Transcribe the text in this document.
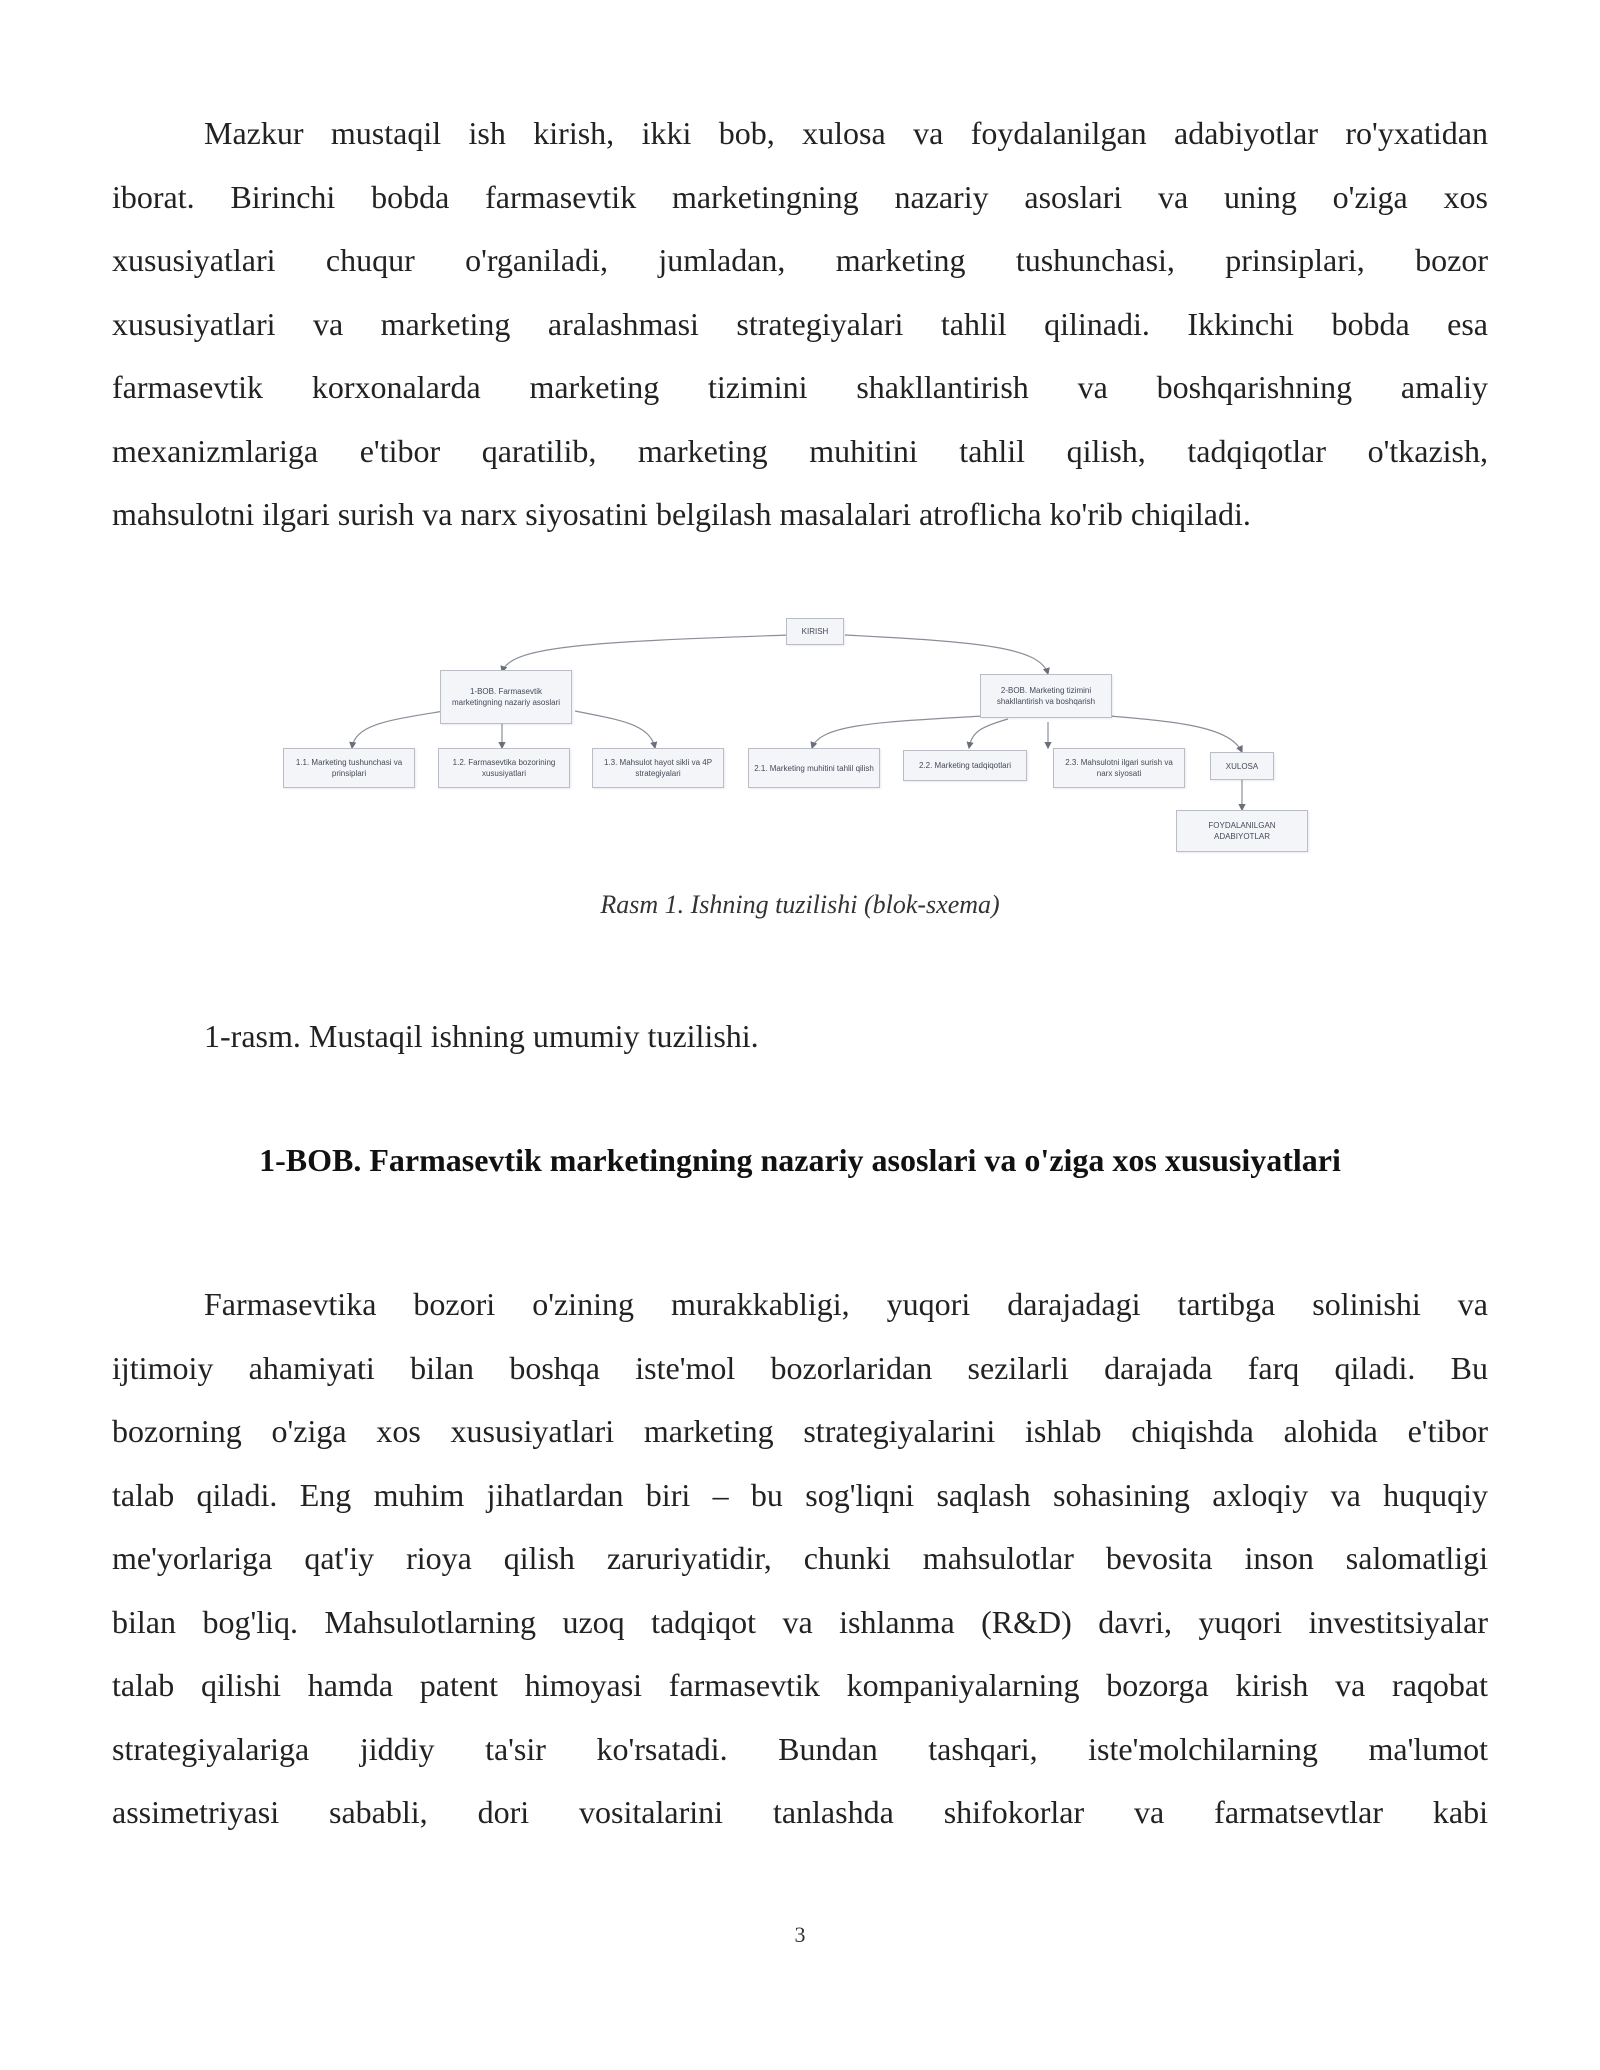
Mazkur mustaqil ish kirish, ikki bob, xulosa va foydalanilgan adabiyotlar ro'yxatidan
iborat. Birinchi bobda farmasevtik marketingning nazariy asoslari va uning o'ziga xos
xususiyatlari chuqur o'rganiladi, jumladan, marketing tushunchasi, prinsiplari, bozor
xususiyatlari va marketing aralashmasi strategiyalari tahlil qilinadi. Ikkinchi bobda esa
farmasevtik korxonalarda marketing tizimini shakllantirish va boshqarishning amaliy
mexanizmlariga e'tibor qaratilib, marketing muhitini tahlil qilish, tadqiqotlar o'tkazish,
mahsulotni ilgari surish va narx siyosatini belgilash masalalari atroflicha ko'rib chiqiladi.
KIRISH
1-BOB. Farmasevtik marketingning nazariy asoslari
2-BOB. Marketing tizimini shakllantirish va boshqarish
1.1. Marketing tushunchasi va prinsiplari
1.2. Farmasevtika bozorining xususiyatlari
1.3. Mahsulot hayot sikli va 4P strategiyalari
2.1. Marketing muhitini tahlil qilish	2.2. Marketing tadqiqotlari	2.3. Mahsulotni ilgari surish va narx siyosati
XULOSA
FOYDALANILGAN ADABIYOTLAR
Rasm 1. Ishning tuzilishi (blok-sxema)
1-rasm. Mustaqil ishning umumiy tuzilishi.
1-BOB. Farmasevtik marketingning nazariy asoslari va o'ziga xos xususiyatlari
Farmasevtika bozori o'zining murakkabligi, yuqori darajadagi tartibga solinishi va
ijtimoiy ahamiyati bilan boshqa iste'mol bozorlaridan sezilarli darajada farq qiladi. Bu
bozorning o'ziga xos xususiyatlari marketing strategiyalarini ishlab chiqishda alohida e'tibor
talab qiladi. Eng muhim jihatlardan biri – bu sog'liqni saqlash sohasining axloqiy va huquqiy
me'yorlariga qat'iy rioya qilish zaruriyatidir, chunki mahsulotlar bevosita inson salomatligi
bilan bog'liq. Mahsulotlarning uzoq tadqiqot va ishlanma (R&D) davri, yuqori investitsiyalar
talab qilishi hamda patent himoyasi farmasevtik kompaniyalarning bozorga kirish va raqobat
strategiyalariga jiddiy ta'sir ko'rsatadi. Bundan tashqari, iste'molchilarning ma'lumot
assimetriyasi sababli, dori vositalarini tanlashda shifokorlar va farmatsevtlar kabi
3
